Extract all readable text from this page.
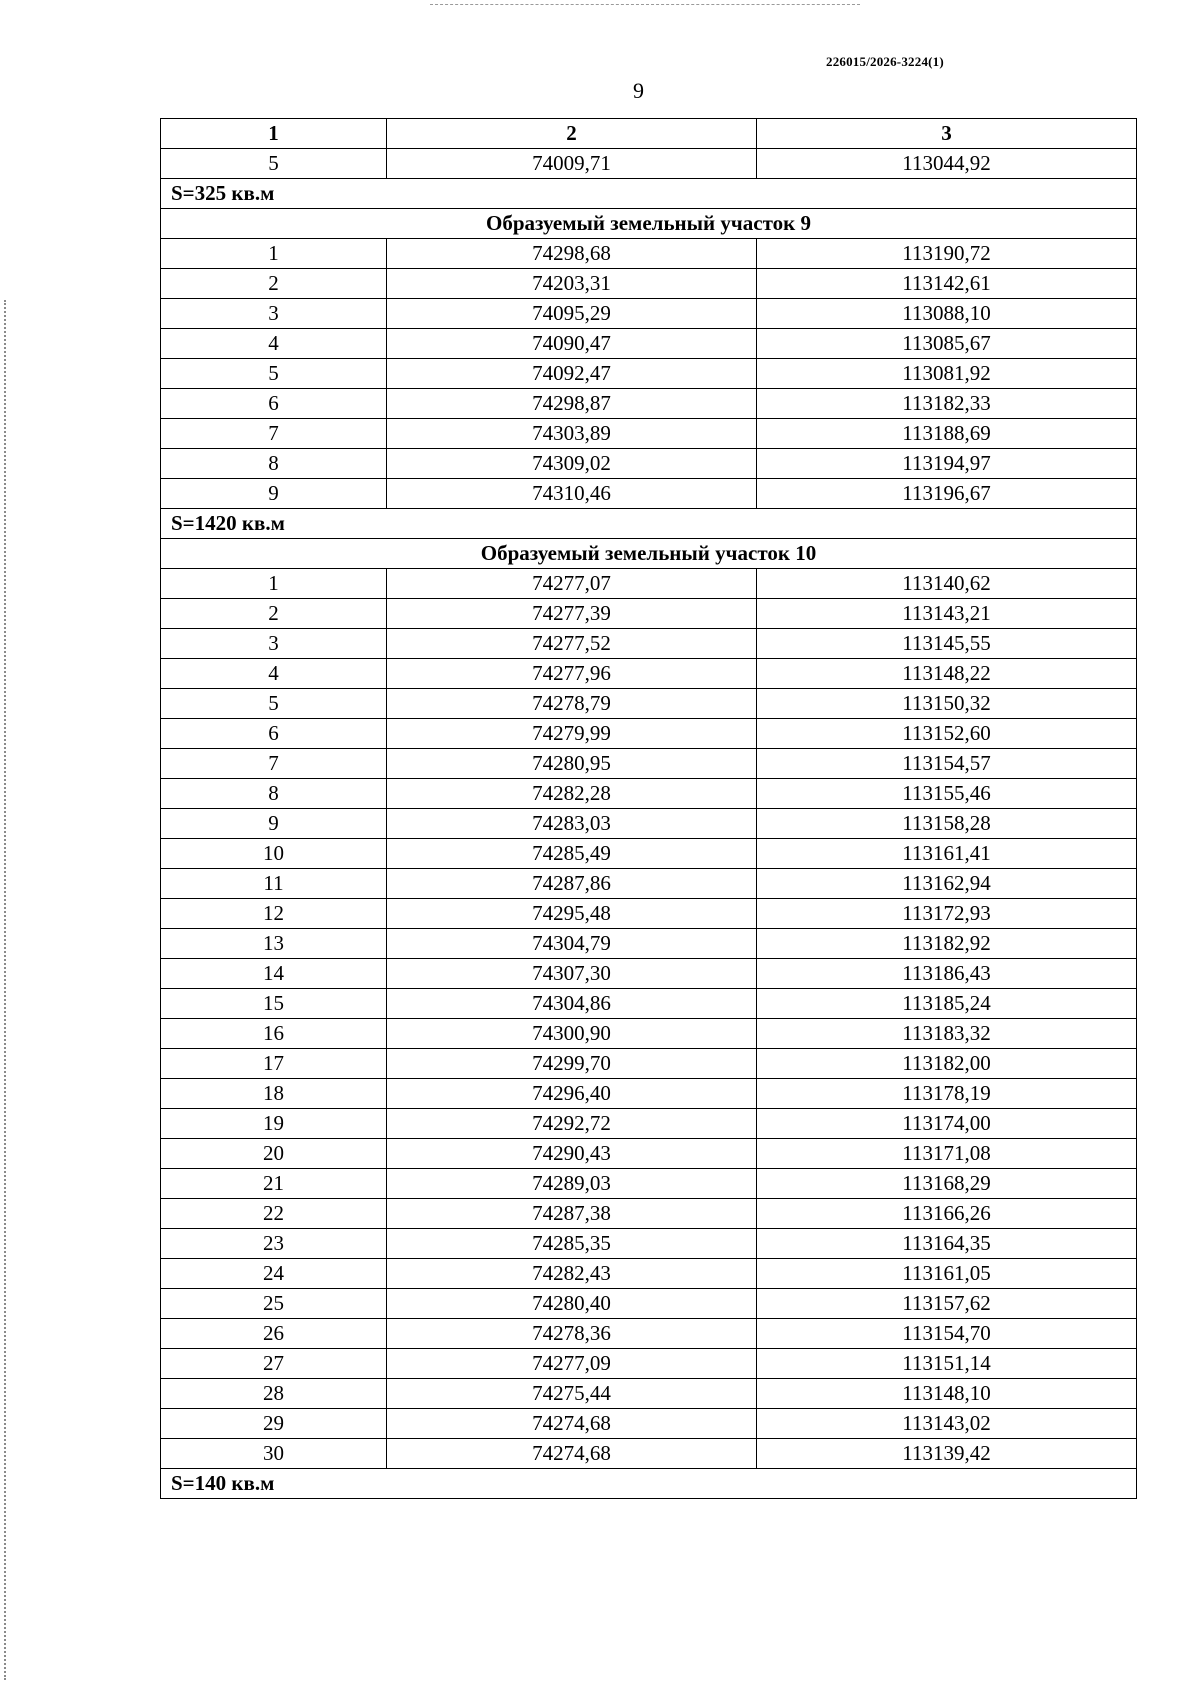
226015/2026-3224(1)
9
1	2	3
5	74009,71	113044,92
S=325 кв.м		
Образуемый земельный участок 9		
1	74298,68	113190,72
2	74203,31	113142,61
3	74095,29	113088,10
4	74090,47	113085,67
5	74092,47	113081,92
6	74298,87	113182,33
7	74303,89	113188,69
8	74309,02	113194,97
9	74310,46	113196,67
S=1420 кв.м		
Образуемый земельный участок 10		
1	74277,07	113140,62
2	74277,39	113143,21
3	74277,52	113145,55
4	74277,96	113148,22
5	74278,79	113150,32
6	74279,99	113152,60
7	74280,95	113154,57
8	74282,28	113155,46
9	74283,03	113158,28
10	74285,49	113161,41
11	74287,86	113162,94
12	74295,48	113172,93
13	74304,79	113182,92
14	74307,30	113186,43
15	74304,86	113185,24
16	74300,90	113183,32
17	74299,70	113182,00
18	74296,40	113178,19
19	74292,72	113174,00
20	74290,43	113171,08
21	74289,03	113168,29
22	74287,38	113166,26
23	74285,35	113164,35
24	74282,43	113161,05
25	74280,40	113157,62
26	74278,36	113154,70
27	74277,09	113151,14
28	74275,44	113148,10
29	74274,68	113143,02
30	74274,68	113139,42
S=140 кв.м		
